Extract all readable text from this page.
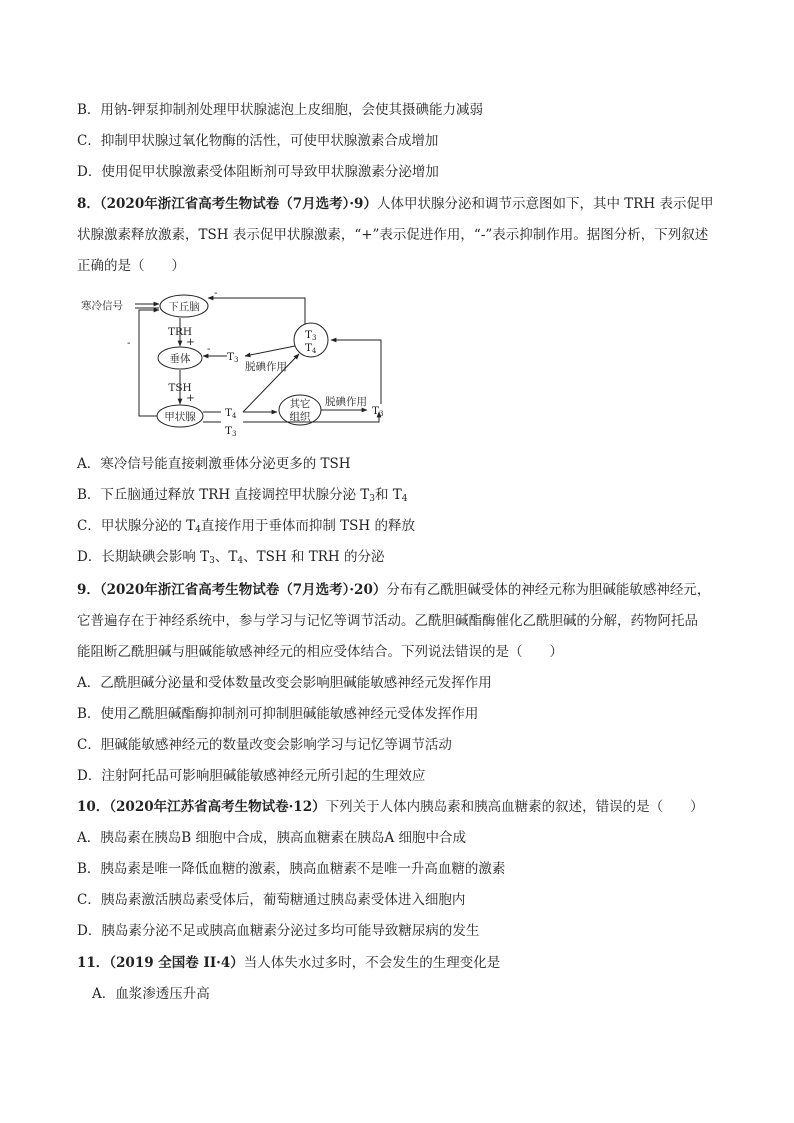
B．用钠-钾泵抑制剂处理甲状腺滤泡上皮细胞，会使其摄碘能力减弱
C．抑制甲状腺过氧化物酶的活性，可使甲状腺激素合成增加
D．使用促甲状腺激素受体阻断剂可导致甲状腺激素分泌增加
8．（2020年浙江省高考生物试卷（7月选考）·9）人体甲状腺分泌和调节示意图如下，其中 TRH 表示促甲
状腺激素释放激素，TSH 表示促甲状腺激素，“+”表示促进作用，“-”表示抑制作用。据图分析，下列叙述
正确的是（　　）
寒冷信号	下丘脑
垂体
甲状腺
TRH
+
TSH
+
-
-
-
T3
T3
T4
脱碘作用
T4
T3
其它
组织
脱碘作用
T3
A．寒冷信号能直接刺激垂体分泌更多的 TSH
B．下丘脑通过释放 TRH 直接调控甲状腺分泌 $T_3$和 $T_4$
C．甲状腺分泌的 $T_4$直接作用于垂体而抑制 TSH 的释放
D．长期缺碘会影响 $T_3$、$T_4$、TSH 和 TRH 的分泌
9．（2020年浙江省高考生物试卷（7月选考）·20）分布有乙酰胆碱受体的神经元称为胆碱能敏感神经元，
它普遍存在于神经系统中，参与学习与记忆等调节活动。乙酰胆碱酯酶催化乙酰胆碱的分解，药物阿托品
能阻断乙酰胆碱与胆碱能敏感神经元的相应受体结合。下列说法错误的是（　　）
A．乙酰胆碱分泌量和受体数量改变会影响胆碱能敏感神经元发挥作用
B．使用乙酰胆碱酯酶抑制剂可抑制胆碱能敏感神经元受体发挥作用
C．胆碱能敏感神经元的数量改变会影响学习与记忆等调节活动
D．注射阿托品可影响胆碱能敏感神经元所引起的生理效应
10．（2020年江苏省高考生物试卷·12）下列关于人体内胰岛素和胰高血糖素的叙述，错误的是（　　）
A．胰岛素在胰岛B 细胞中合成，胰高血糖素在胰岛A 细胞中合成
B．胰岛素是唯一降低血糖的激素，胰高血糖素不是唯一升高血糖的激素
C．胰岛素激活胰岛素受体后，葡萄糖通过胰岛素受体进入细胞内
D．胰岛素分泌不足或胰高血糖素分泌过多均可能导致糖尿病的发生
11．（2019 全国卷 II·4）当人体失水过多时，不会发生的生理变化是
A．血浆渗透压升高
